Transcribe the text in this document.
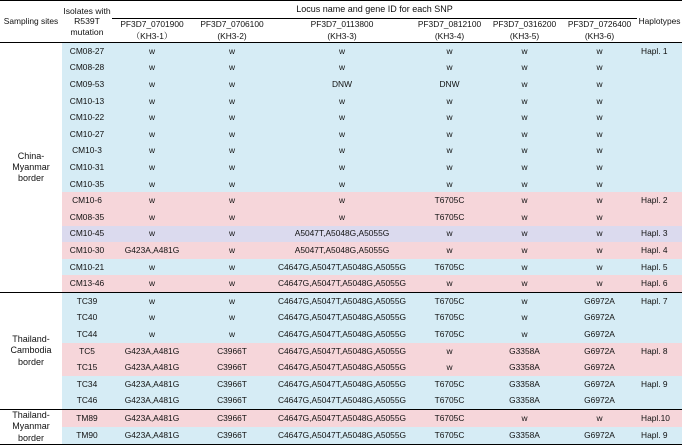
Sampling sites	Isolates with R539T mutation	Locus name and gene ID for each SNP						Haplotypes
		PF3D7_0701900	PF3D7_0706100	PF3D7_0113800	PF3D7_0812100	PF3D7_0316200	PF3D7_0726400	
		（KH3-1）	(KH3-2)	(KH3-3)	(KH3-4)	(KH3-5)	(KH3-6)	
China-Myanmar border	CM08-27	w	w	w	w	w	w	Hapl. 1
	CM08-28	w	w	w	w	w	w	
	CM09-53	w	w	DNW	DNW	w	w	
	CM10-13	w	w	w	w	w	w	
	CM10-22	w	w	w	w	w	w	
	CM10-27	w	w	w	w	w	w	
	CM10-3	w	w	w	w	w	w	
	CM10-31	w	w	w	w	w	w	
	CM10-35	w	w	w	w	w	w	
	CM10-6	w	w	w	T6705C	w	w	Hapl. 2
	CM08-35	w	w	w	T6705C	w	w	
	CM10-45	w	w	A5047T,A5048G,A5055G	w	w	w	Hapl. 3
	CM10-30	G423A,A481G	w	A5047T,A5048G,A5055G	w	w	w	Hapl. 4
	CM10-21	w	w	C4647G,A5047T,A5048G,A5055G	T6705C	w	w	Hapl. 5
	CM13-46	w	w	C4647G,A5047T,A5048G,A5055G	w	w	w	Hapl. 6
Thailand-Cambodia border	TC39	w	w	C4647G,A5047T,A5048G,A5055G	T6705C	w	G6972A	Hapl. 7
	TC40	w	w	C4647G,A5047T,A5048G,A5055G	T6705C	w	G6972A	
	TC44	w	w	C4647G,A5047T,A5048G,A5055G	T6705C	w	G6972A	
	TC5	G423A,A481G	C3966T	C4647G,A5047T,A5048G,A5055G	w	G3358A	G6972A	Hapl. 8
	TC15	G423A,A481G	C3966T	C4647G,A5047T,A5048G,A5055G	w	G3358A	G6972A	
	TC34	G423A,A481G	C3966T	C4647G,A5047T,A5048G,A5055G	T6705C	G3358A	G6972A	Hapl. 9
	TC46	G423A,A481G	C3966T	C4647G,A5047T,A5048G,A5055G	T6705C	G3358A	G6972A	
Thailand-Myanmar border	TM89	G423A,A481G	C3966T	C4647G,A5047T,A5048G,A5055G	T6705C	w	w	Hapl.10
	TM90	G423A,A481G	C3966T	C4647G,A5047T,A5048G,A5055G	T6705C	G3358A	G6972A	Hapl. 9
